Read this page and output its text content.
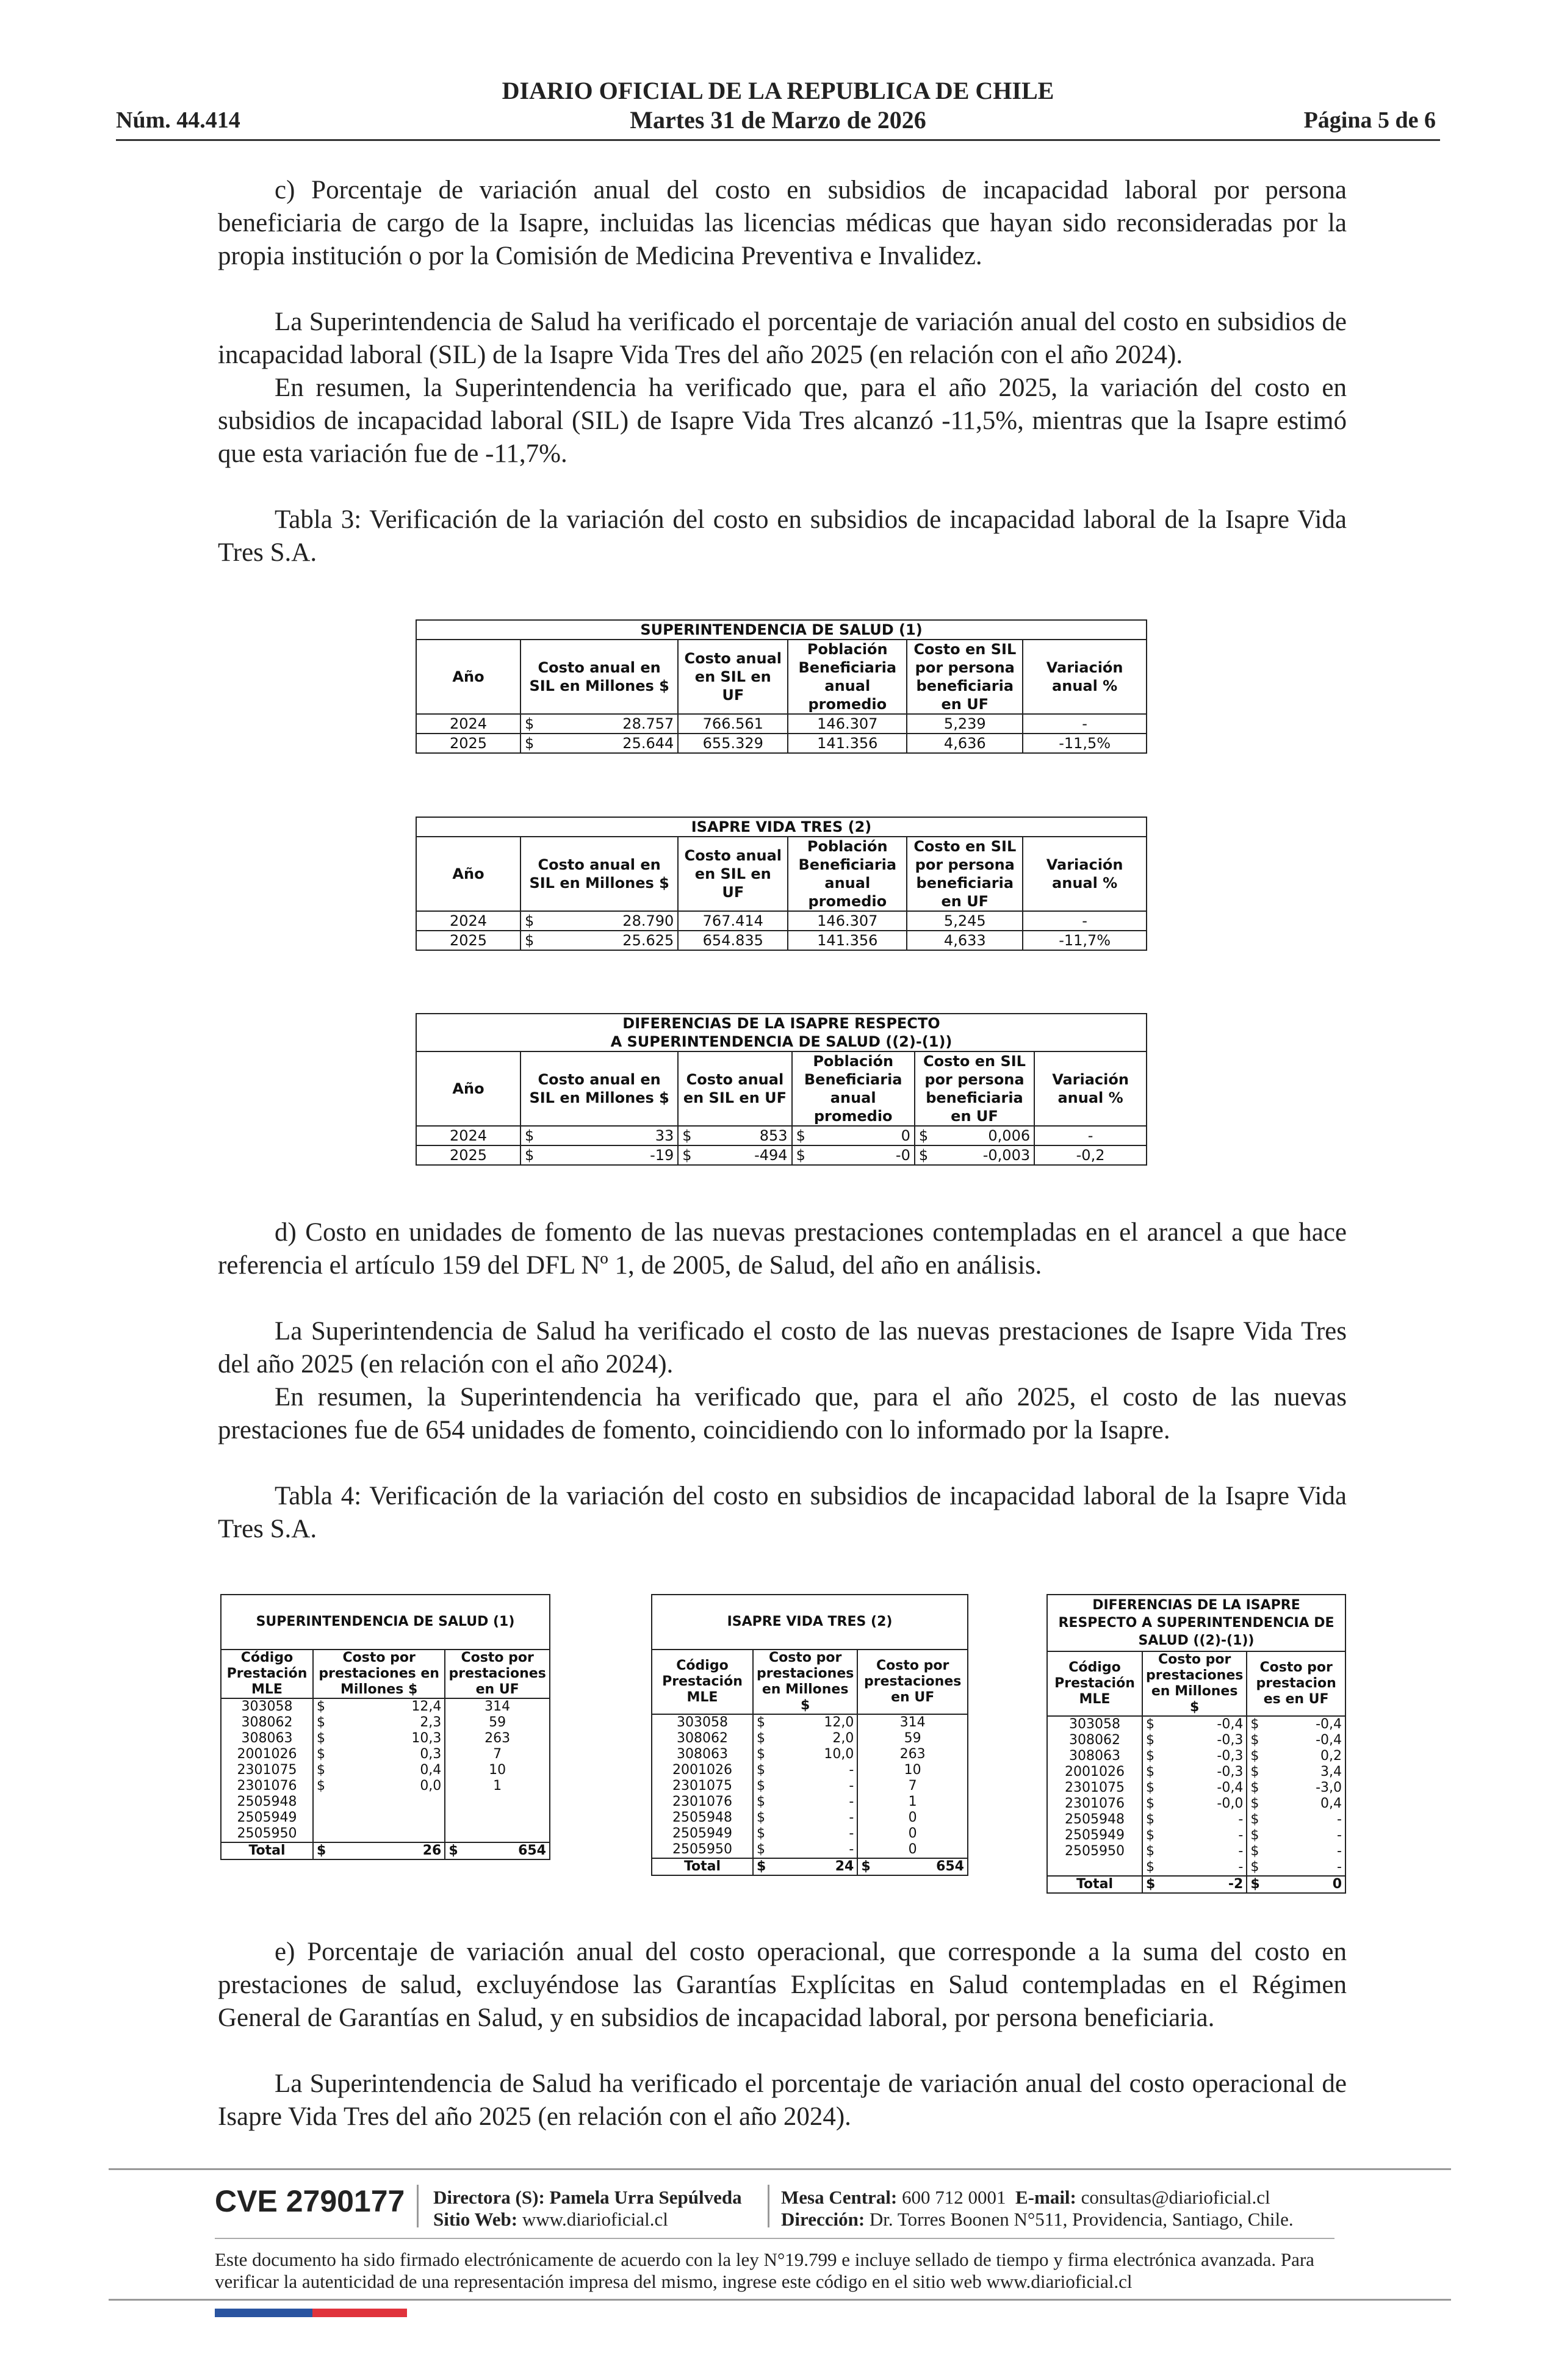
DIARIO OFICIAL DE LA REPUBLICA DE CHILE
Martes 31 de Marzo de 2026
Núm. 44.414	Página 5 de 6

c) Porcentaje de variación anual del costo en subsidios de incapacidad laboral por persona beneficiaria de cargo de la Isapre, incluidas las licencias médicas que hayan sido reconsideradas por la propia institución o por la Comisión de Medicina Preventiva e Invalidez.

La Superintendencia de Salud ha verificado el porcentaje de variación anual del costo en subsidios de incapacidad laboral (SIL) de la Isapre Vida Tres del año 2025 (en relación con el año 2024).

En resumen, la Superintendencia ha verificado que, para el año 2025, la variación del costo en subsidios de incapacidad laboral (SIL) de Isapre Vida Tres alcanzó -11,5%, mientras que la Isapre estimó que esta variación fue de -11,7%.

Tabla 3: Verificación de la variación del costo en subsidios de incapacidad laboral de la Isapre Vida Tres S.A.

SUPERINTENDENCIA DE SALUD (1)						
Año	Costo anual en SIL en Millones $		Costo anual en SIL en UF	Población Beneficiaria anual promedio	Costo en SIL por persona beneficiaria en UF	Variación anual %
2024	$	28.757	766.561	146.307	5,239	-
2025	$	25.644	655.329	141.356	4,636	-11,5%
ISAPRE VIDA TRES (2)						
Año	Costo anual en SIL en Millones $		Costo anual en SIL en UF	Población Beneficiaria anual promedio	Costo en SIL por persona beneficiaria en UF	Variación anual %
2024	$	28.790	767.414	146.307	5,245	-
2025	$	25.625	654.835	141.356	4,633	-11,7%
DIFERENCIAS DE LA ISAPRE RESPECTO									
A SUPERINTENDENCIA DE SALUD ((2)-(1))									
Año	Costo anual en SIL en Millones $		Costo anual en SIL en UF		Población Beneficiaria anual promedio		Costo en SIL por persona beneficiaria en UF		Variación anual %
2024	$	33	$	853	$	0	$	0,006	-
2025	$	-19	$	-494	$	-0	$	-0,003	-0,2

d) Costo en unidades de fomento de las nuevas prestaciones contempladas en el arancel a que hace referencia el artículo 159 del DFL Nº 1, de 2005, de Salud, del año en análisis.

La Superintendencia de Salud ha verificado el costo de las nuevas prestaciones de Isapre Vida Tres del año 2025 (en relación con el año 2024).

En resumen, la Superintendencia ha verificado que, para el año 2025, el costo de las nuevas prestaciones fue de 654 unidades de fomento, coincidiendo con lo informado por la Isapre.

Tabla 4: Verificación de la variación del costo en subsidios de incapacidad laboral de la Isapre Vida Tres S.A.

SUPERINTENDENCIA DE SALUD (1)			
Código Prestación MLE	Costo por prestaciones en Millones $		Costo por prestaciones en UF
303058	$	12,4	314
308062	$	2,3	59
308063	$	10,3	263
2001026	$	0,3	7
2301075	$	0,4	10
2301076	$	0,0	1
2505948			
2505949			
2505950			

Total	$	26	$ 654
ISAPRE VIDA TRES (2)			
Código Prestación MLE	Costo por prestaciones en Millones $		Costo por prestaciones en UF
303058	$	12,0	314
308062	$	2,0	59
308063	$	10,0	263
2001026	$	-	10
2301075	$	-	7
2301076	$	-	1
2505948	$	-	0
2505949	$	-	0
2505950	$	-	0

Total	$	24	$ 654
DIFERENCIAS DE LA ISAPRE RESPECTO A SUPERINTENDENCIA DE SALUD ((2)-(1))				
Código Prestación MLE	Costo por prestaciones en Millones $		Costo por prestacion es en UF	
303058	$	-0,4	$	-0,4
308062	$	-0,3	$	-0,4
308063	$	-0,3	$	0,2
2001026	$	-0,3	$	3,4
2301075	$	-0,4	$	-3,0
2301076	$	-0,0	$	0,4
2505948	$	-	$	-
2505949	$	-	$	-
2505950	$	-	$	-
	$	-	$	-
Total	$	-2	$	0

e) Porcentaje de variación anual del costo operacional, que corresponde a la suma del costo en prestaciones de salud, excluyéndose las Garantías Explícitas en Salud contempladas en el Régimen General de Garantías en Salud, y en subsidios de incapacidad laboral, por persona beneficiaria.

La Superintendencia de Salud ha verificado el porcentaje de variación anual del costo operacional de Isapre Vida Tres del año 2025 (en relación con el año 2024).

CVE 2790177 Directora (S): Pamela Urra Sepúlveda
Sitio Web: www.diarioficial.cl
Mesa Central: 600 712 0001 E-mail: consultas@diarioficial.cl
Dirección: Dr. Torres Boonen N°511, Providencia, Santiago, Chile.
Este documento ha sido firmado electrónicamente de acuerdo con la ley N°19.799 e incluye sellado de tiempo y firma electrónica avanzada. Para verificar la autenticidad de una representación impresa del mismo, ingrese este código en el sitio web www.diarioficial.cl
